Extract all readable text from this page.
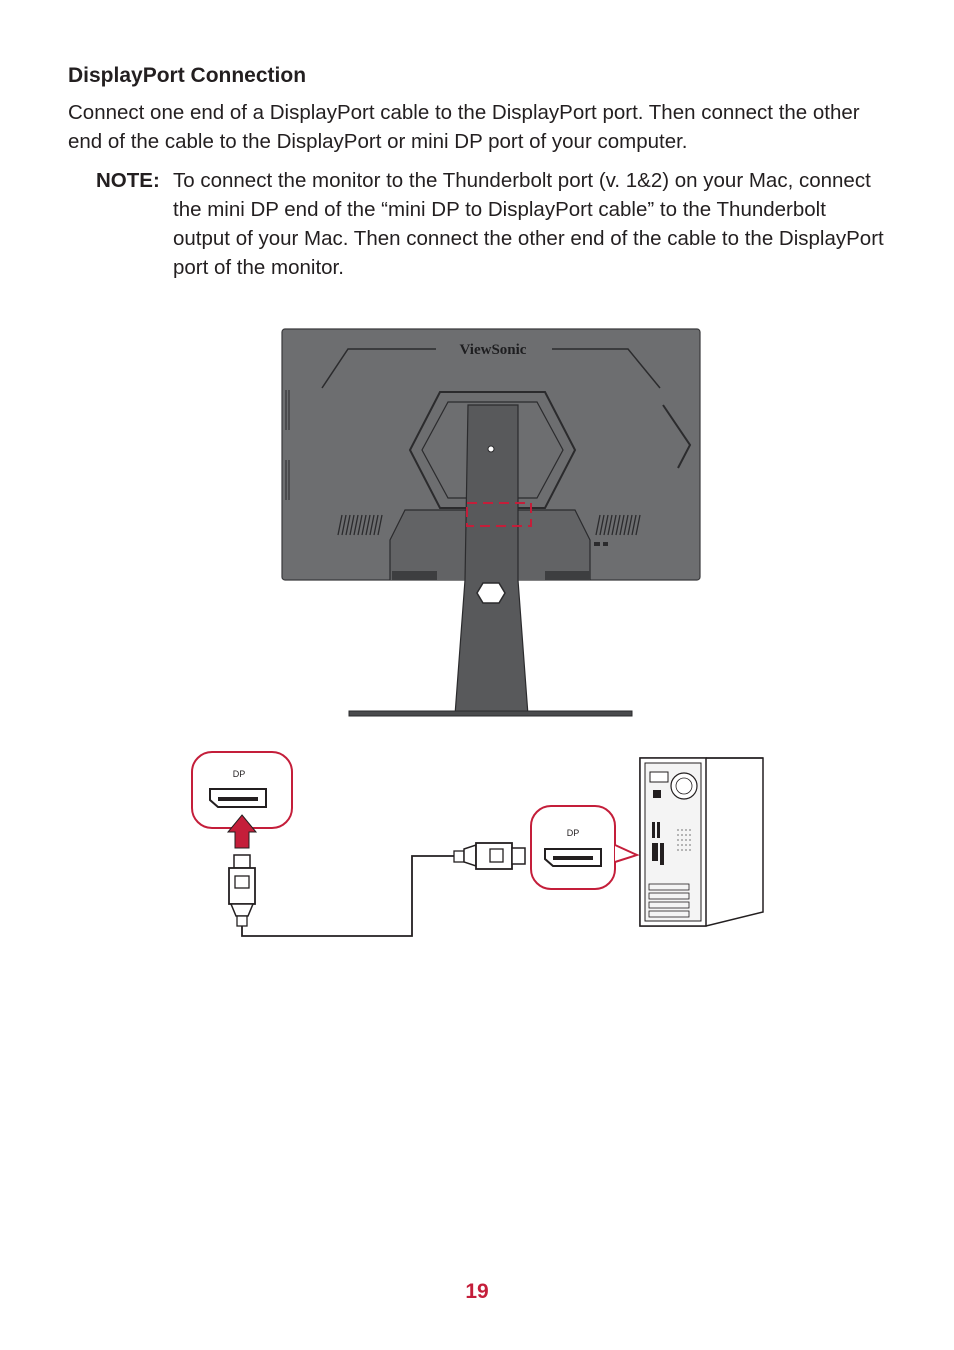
DisplayPort Connection

Connect one end of a DisplayPort cable to the DisplayPort port. Then connect the other end of the cable to the DisplayPort or mini DP port of your computer.

NOTE: To connect the monitor to the Thunderbolt port (v. 1&2) on your Mac, connect the mini DP end of the “mini DP to DisplayPort cable” to the Thunderbolt output of your Mac. Then connect the other end of the cable to the DisplayPort port of the monitor.
ViewSonic
DP
DP
19
